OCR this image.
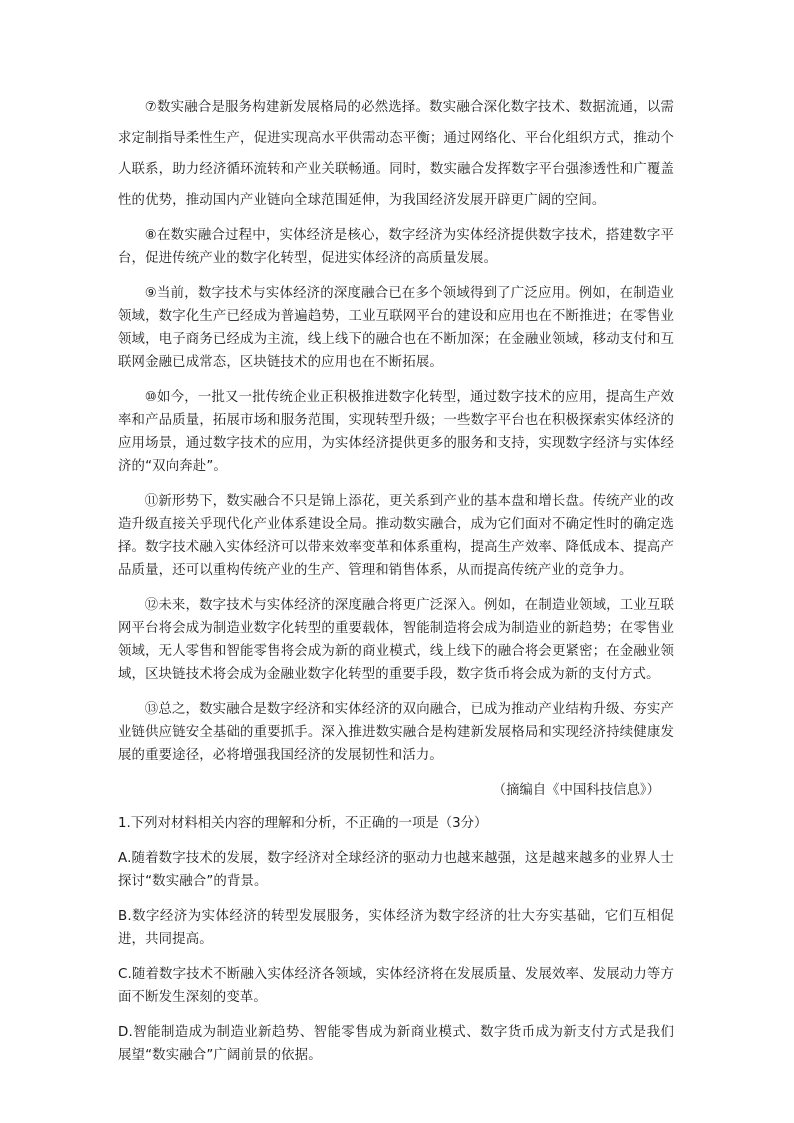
⑦数实融合是服务构建新发展格局的必然选择。数实融合深化数字技术、数据流通，以需求定制指导柔性生产，促进实现高水平供需动态平衡；通过网络化、平台化组织方式，推动个人联系，助力经济循环流转和产业关联畅通。同时，数实融合发挥数字平台强渗透性和广覆盖性的优势，推动国内产业链向全球范围延伸，为我国经济发展开辟更广阔的空间。

⑧在数实融合过程中，实体经济是核心，数字经济为实体经济提供数字技术，搭建数字平台，促进传统产业的数字化转型，促进实体经济的高质量发展。

⑨当前，数字技术与实体经济的深度融合已在多个领域得到了广泛应用。例如，在制造业领域，数字化生产已经成为普遍趋势，工业互联网平台的建设和应用也在不断推进；在零售业领域，电子商务已经成为主流，线上线下的融合也在不断加深；在金融业领域，移动支付和互联网金融已成常态，区块链技术的应用也在不断拓展。

⑩如今，一批又一批传统企业正积极推进数字化转型，通过数字技术的应用，提高生产效率和产品质量，拓展市场和服务范围，实现转型升级；一些数字平台也在积极探索实体经济的应用场景，通过数字技术的应用，为实体经济提供更多的服务和支持，实现数字经济与实体经济的“双向奔赴”。

⑪新形势下，数实融合不只是锦上添花，更关系到产业的基本盘和增长盘。传统产业的改造升级直接关乎现代化产业体系建设全局。推动数实融合，成为它们面对不确定性时的确定选择。数字技术融入实体经济可以带来效率变革和体系重构，提高生产效率、降低成本、提高产品质量，还可以重构传统产业的生产、管理和销售体系，从而提高传统产业的竞争力。

⑫未来，数字技术与实体经济的深度融合将更广泛深入。例如，在制造业领域，工业互联网平台将会成为制造业数字化转型的重要载体，智能制造将会成为制造业的新趋势；在零售业领域，无人零售和智能零售将会成为新的商业模式，线上线下的融合将会更紧密；在金融业领域，区块链技术将会成为金融业数字化转型的重要手段，数字货币将会成为新的支付方式。

⑬总之，数实融合是数字经济和实体经济的双向融合，已成为推动产业结构升级、夯实产业链供应链安全基础的重要抓手。深入推进数实融合是构建新发展格局和实现经济持续健康发展的重要途径，必将增强我国经济的发展韧性和活力。

（摘编自《中国科技信息》）
1.下列对材料相关内容的理解和分析，不正确的一项是（3分）
A.随着数字技术的发展，数字经济对全球经济的驱动力也越来越强，这是越来越多的业界人士探讨“数实融合”的背景。
B.数字经济为实体经济的转型发展服务，实体经济为数字经济的壮大夯实基础，它们互相促进，共同提高。
C.随着数字技术不断融入实体经济各领域，实体经济将在发展质量、发展效率、发展动力等方面不断发生深刻的变革。
D.智能制造成为制造业新趋势、智能零售成为新商业模式、数字货币成为新支付方式是我们展望“数实融合”广阔前景的依据。
